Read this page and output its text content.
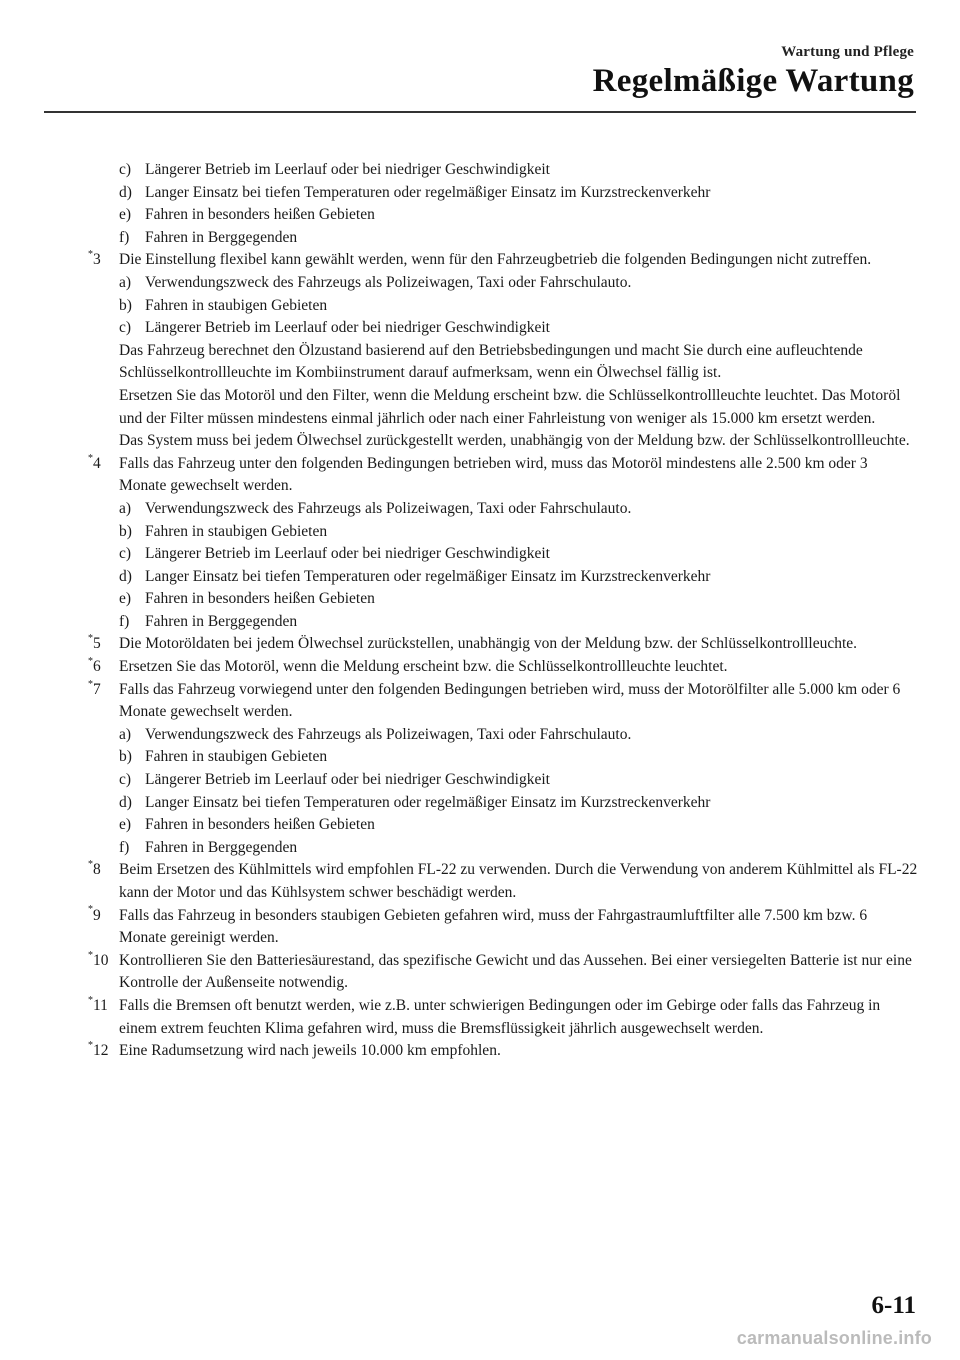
Wartung und Pflege
Regelmäßige Wartung
c) Längerer Betrieb im Leerlauf oder bei niedriger Geschwindigkeit
d) Langer Einsatz bei tiefen Temperaturen oder regelmäßiger Einsatz im Kurzstreckenverkehr
e) Fahren in besonders heißen Gebieten
f) Fahren in Berggegenden
*3 Die Einstellung flexibel kann gewählt werden, wenn für den Fahrzeugbetrieb die folgenden Bedingungen nicht zutreffen.
a) Verwendungszweck des Fahrzeugs als Polizeiwagen, Taxi oder Fahrschulauto.
b) Fahren in staubigen Gebieten
c) Längerer Betrieb im Leerlauf oder bei niedriger Geschwindigkeit
Das Fahrzeug berechnet den Ölzustand basierend auf den Betriebsbedingungen und macht Sie durch eine aufleuchtende Schlüsselkontrollleuchte im Kombiinstrument darauf aufmerksam, wenn ein Ölwechsel fällig ist.
Ersetzen Sie das Motoröl und den Filter, wenn die Meldung erscheint bzw. die Schlüsselkontrollleuchte leuchtet. Das Motoröl und der Filter müssen mindestens einmal jährlich oder nach einer Fahrleistung von weniger als 15.000 km ersetzt werden.
Das System muss bei jedem Ölwechsel zurückgestellt werden, unabhängig von der Meldung bzw. der Schlüsselkontrollleuchte.
*4 Falls das Fahrzeug unter den folgenden Bedingungen betrieben wird, muss das Motoröl mindestens alle 2.500 km oder 3 Monate gewechselt werden.
a) Verwendungszweck des Fahrzeugs als Polizeiwagen, Taxi oder Fahrschulauto.
b) Fahren in staubigen Gebieten
c) Längerer Betrieb im Leerlauf oder bei niedriger Geschwindigkeit
d) Langer Einsatz bei tiefen Temperaturen oder regelmäßiger Einsatz im Kurzstreckenverkehr
e) Fahren in besonders heißen Gebieten
f) Fahren in Berggegenden
*5 Die Motoröldaten bei jedem Ölwechsel zurückstellen, unabhängig von der Meldung bzw. der Schlüsselkontrollleuchte.
*6 Ersetzen Sie das Motoröl, wenn die Meldung erscheint bzw. die Schlüsselkontrollleuchte leuchtet.
*7 Falls das Fahrzeug vorwiegend unter den folgenden Bedingungen betrieben wird, muss der Motorölfilter alle 5.000 km oder 6 Monate gewechselt werden.
a) Verwendungszweck des Fahrzeugs als Polizeiwagen, Taxi oder Fahrschulauto.
b) Fahren in staubigen Gebieten
c) Längerer Betrieb im Leerlauf oder bei niedriger Geschwindigkeit
d) Langer Einsatz bei tiefen Temperaturen oder regelmäßiger Einsatz im Kurzstreckenverkehr
e) Fahren in besonders heißen Gebieten
f) Fahren in Berggegenden
*8 Beim Ersetzen des Kühlmittels wird empfohlen FL-22 zu verwenden. Durch die Verwendung von anderem Kühlmittel als FL-22 kann der Motor und das Kühlsystem schwer beschädigt werden.
*9 Falls das Fahrzeug in besonders staubigen Gebieten gefahren wird, muss der Fahrgastraumluftfilter alle 7.500 km bzw. 6 Monate gereinigt werden.
*10 Kontrollieren Sie den Batteriesäurestand, das spezifische Gewicht und das Aussehen. Bei einer versiegelten Batterie ist nur eine Kontrolle der Außenseite notwendig.
*11 Falls die Bremsen oft benutzt werden, wie z.B. unter schwierigen Bedingungen oder im Gebirge oder falls das Fahrzeug in einem extrem feuchten Klima gefahren wird, muss die Bremsflüssigkeit jährlich ausgewechselt werden.
*12 Eine Radumsetzung wird nach jeweils 10.000 km empfohlen.
6-11
carmanualsonline.info
